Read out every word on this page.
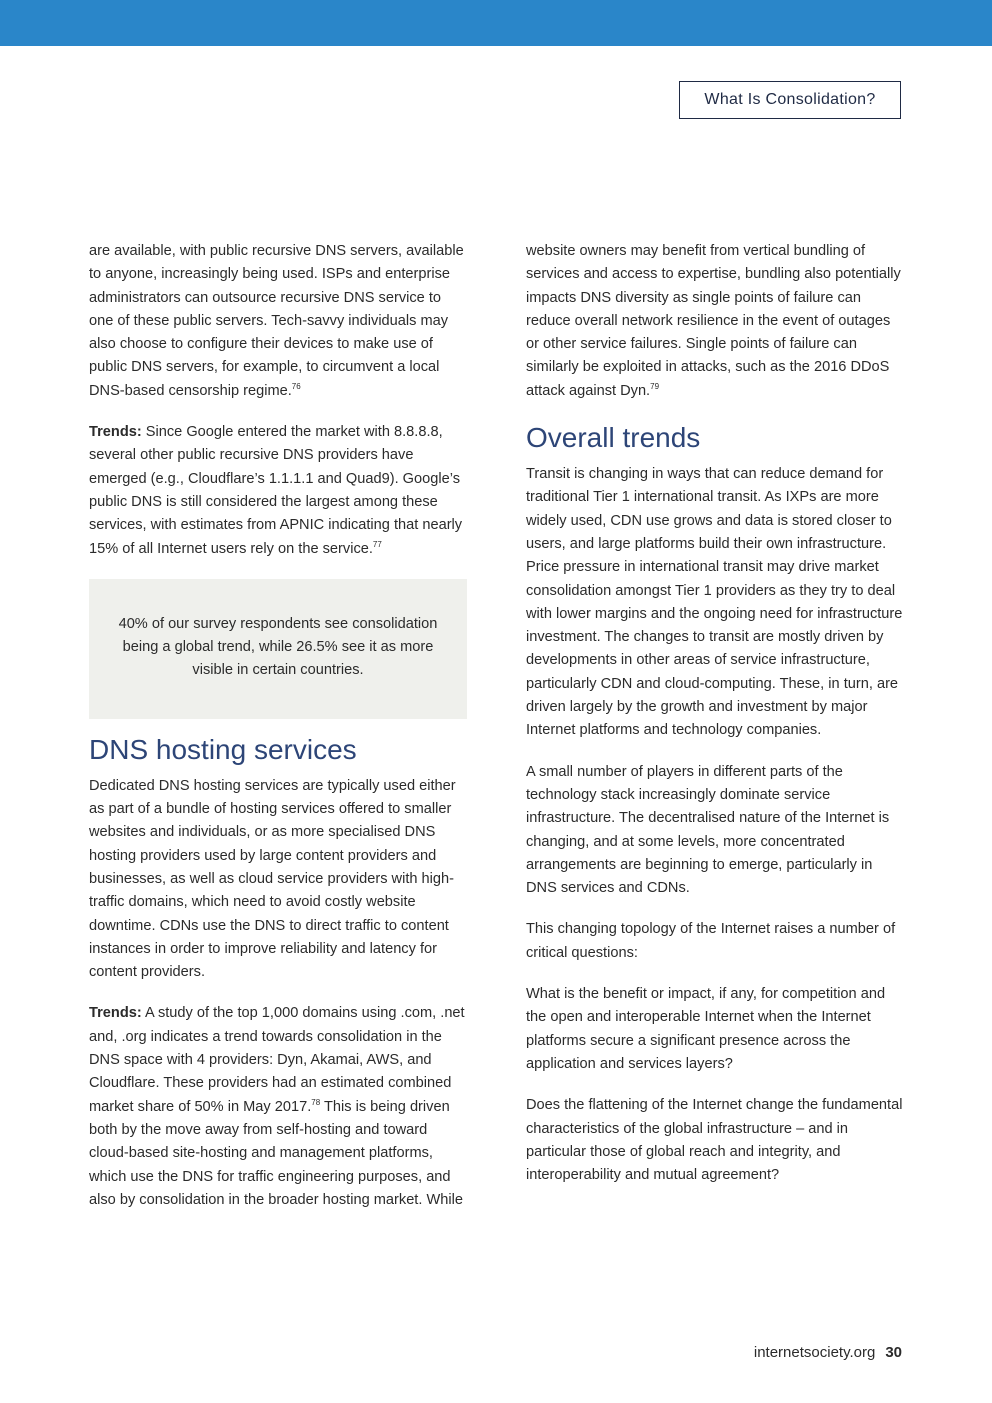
What Is Consolidation?

are available, with public recursive DNS servers, available to anyone, increasingly being used. ISPs and enterprise administrators can outsource recursive DNS service to one of these public servers. Tech-savvy individuals may also choose to configure their devices to make use of public DNS servers, for example, to circumvent a local DNS-based censorship regime.$^{76}$

Trends: Since Google entered the market with 8.8.8.8, several other public recursive DNS providers have emerged (e.g., Cloudflare’s 1.1.1.1 and Quad9). Google’s public DNS is still considered the largest among these services, with estimates from APNIC indicating that nearly 15% of all Internet users rely on the service.$^{77}$

40% of our survey respondents see consolidation being a global trend, while 26.5% see it as more visible in certain countries.
DNS hosting services

Dedicated DNS hosting services are typically used either as part of a bundle of hosting services offered to smaller websites and individuals, or as more specialised DNS hosting providers used by large content providers and businesses, as well as cloud service providers with high-traffic domains, which need to avoid costly website downtime. CDNs use the DNS to direct traffic to content instances in order to improve reliability and latency for content providers.

Trends: A study of the top 1,000 domains using .com, .net and, .org indicates a trend towards consolidation in the DNS space with 4 providers: Dyn, Akamai, AWS, and Cloudflare. These providers had an estimated combined market share of 50% in May 2017.78 This is being driven both by the move away from self-hosting and toward cloud-based site-hosting and management platforms, which use the DNS for traffic engineering purposes, and also by consolidation in the broader hosting market. While

website owners may benefit from vertical bundling of services and access to expertise, bundling also potentially impacts DNS diversity as single points of failure can reduce overall network resilience in the event of outages or other service failures. Single points of failure can similarly be exploited in attacks, such as the 2016 DDoS attack against Dyn.$^{79}$

Overall trends

Transit is changing in ways that can reduce demand for traditional Tier 1 international transit. As IXPs are more widely used, CDN use grows and data is stored closer to users, and large platforms build their own infrastructure. Price pressure in international transit may drive market consolidation amongst Tier 1 providers as they try to deal with lower margins and the ongoing need for infrastructure investment. The changes to transit are mostly driven by developments in other areas of service infrastructure, particularly CDN and cloud-computing. These, in turn, are driven largely by the growth and investment by major Internet platforms and technology companies.

A small number of players in different parts of the technology stack increasingly dominate service infrastructure. The decentralised nature of the Internet is changing, and at some levels, more concentrated arrangements are beginning to emerge, particularly in DNS services and CDNs.

This changing topology of the Internet raises a number of critical questions:

What is the benefit or impact, if any, for competition and the open and interoperable Internet when the Internet platforms secure a significant presence across the application and services layers?

Does the flattening of the Internet change the fundamental characteristics of the global infrastructure – and in particular those of global reach and integrity, and interoperability and mutual agreement?

internetsociety.org 30
